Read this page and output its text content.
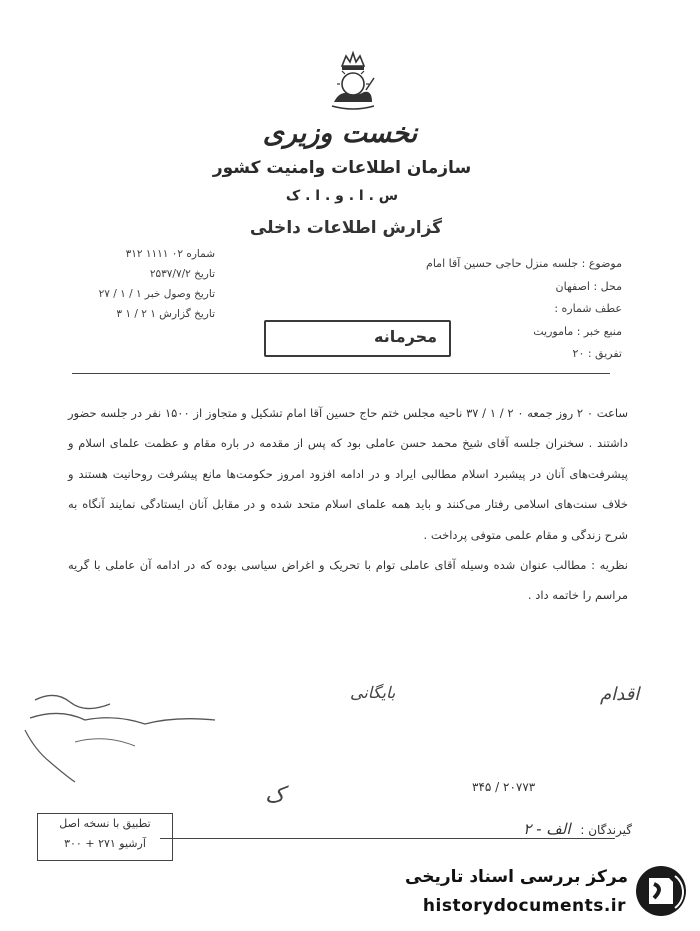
نخست وزیری
سازمان اطلاعات وامنیت کشور
س . ا . و . ا . ک
گزارش اطلاعات داخلی
شماره ۰۲ ۱۱۱۱ ۳۱۲
تاریخ ۲۵۳۷/۷/۲
تاریخ وصول خبر ۱ / ۱ / ۲۷
تاریخ گزارش ۱ ۲ / ۱ ۳
موضوع : جلسه منزل حاجی حسین آقا امام
محل : اصفهان
عطف شماره :
منبع خبر : ماموریت
تفریق : ۲۰
محرمانه

ساعت ۰ ۲ روز جمعه ۰ ۲ / ۱ / ۳۷ ناحیه مجلس ختم حاج حسین آقا امام تشکیل و متجاوز از ۱۵۰۰ نفر در جلسه حضور داشتند . سخنران جلسه آقای شیخ محمد حسن عاملی بود که پس از مقدمه در باره مقام و عظمت علمای اسلام و پیشرفت‌های آنان در پیشبرد اسلام مطالبی ایراد و در ادامه افزود امروز حکومت‌ها مانع پیشرفت روحانیت هستند و خلاف سنت‌های اسلامی رفتار می‌کنند و باید همه علمای اسلام متحد شده و در مقابل آنان ایستادگی نمایند آنگاه به شرح زندگی و مقام علمی متوفی پرداخت .

نظریه : مطالب عنوان شده وسیله آقای عاملی توام با تحریک و اغراض سیاسی بوده که در ادامه آن عاملی با گریه مراسم را خاتمه داد .

اقدام
بایگانی
ک	۳۴۵ / ۲۰۷۷۳
گیرندگان : الف - ۲
تطبیق با نسخه اصل
آرشیو ۲۷۱ + ۳۰۰
مرکز بررسی اسناد تاریخی
historydocuments.ir
